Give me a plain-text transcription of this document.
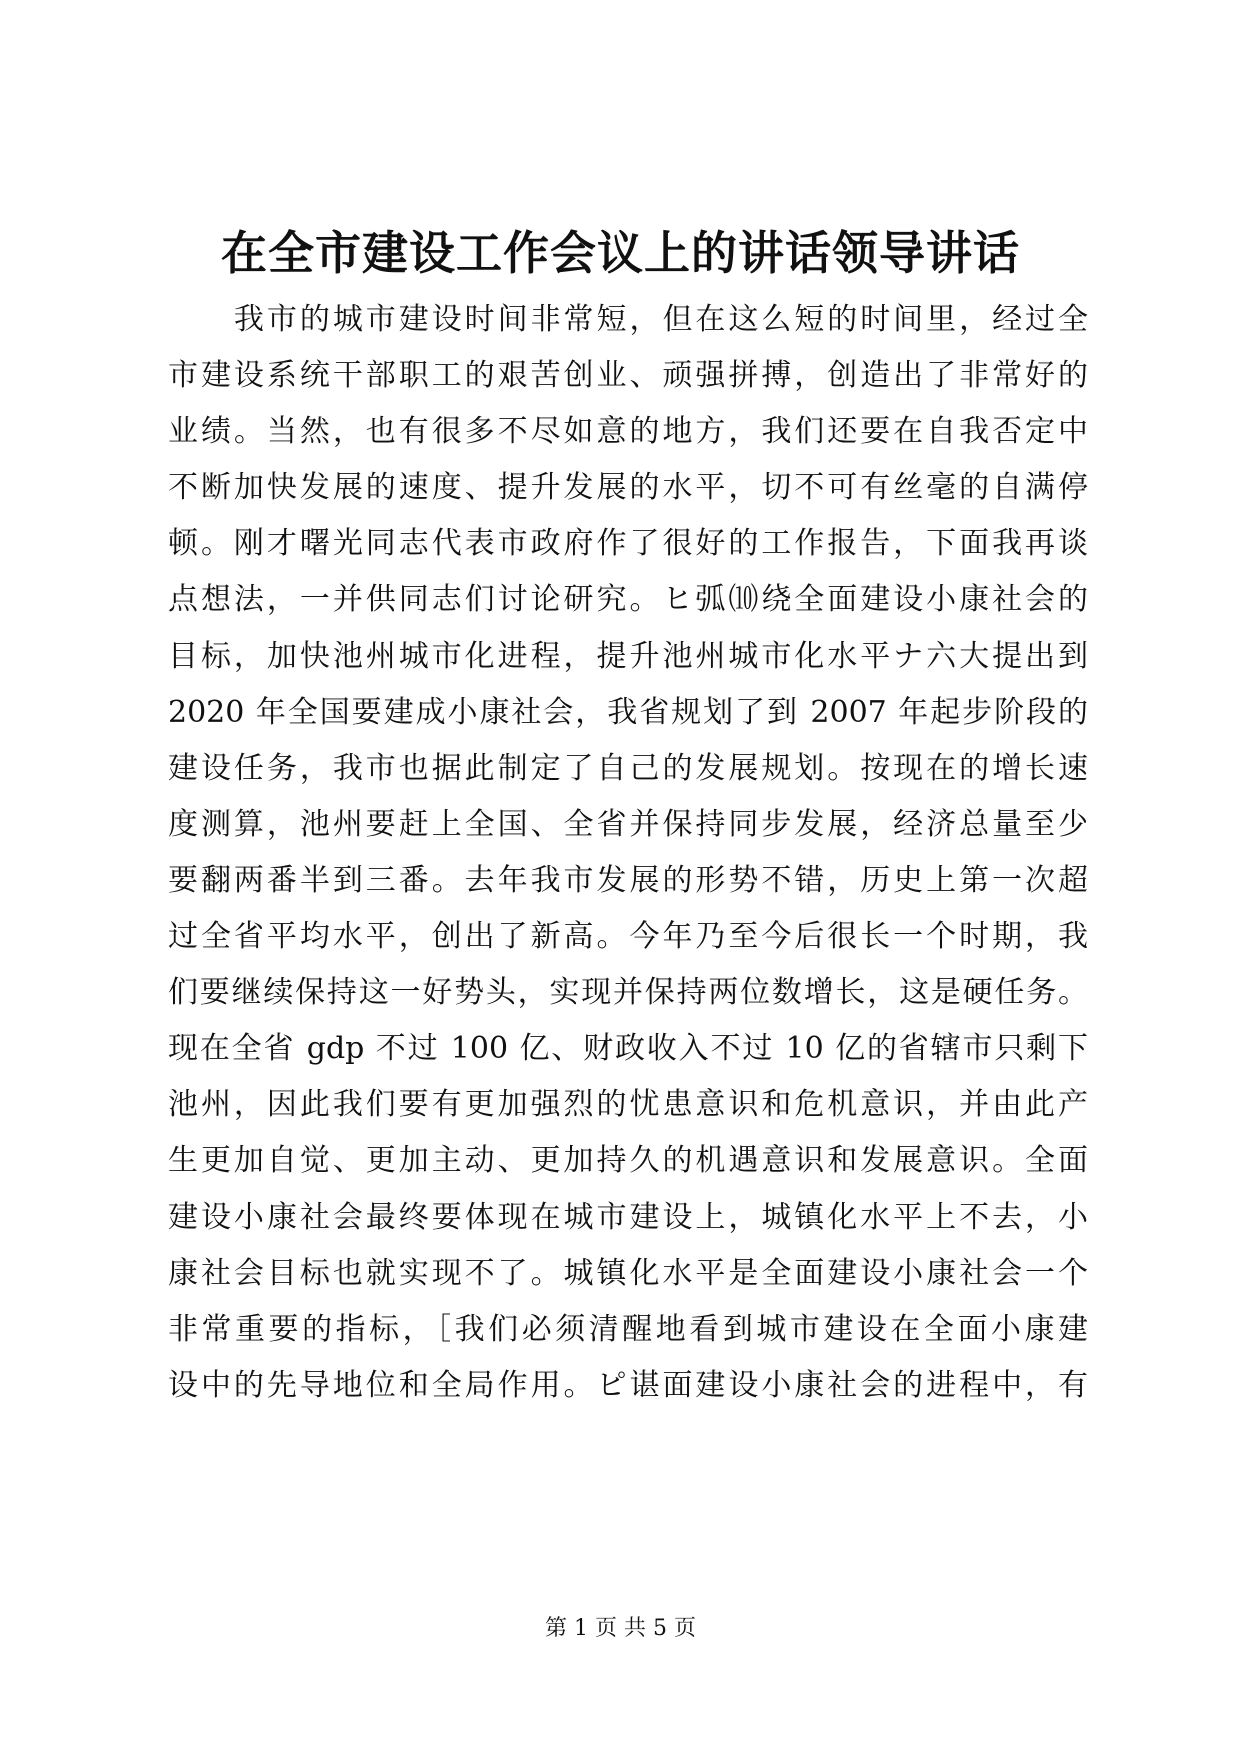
在全市建设工作会议上的讲话领导讲话
　　我市的城市建设时间非常短，但在这么短的时间里，经过全
市建设系统干部职工的艰苦创业、顽强拼搏，创造出了非常好的
业绩。当然，也有很多不尽如意的地方，我们还要在自我否定中
不断加快发展的速度、提升发展的水平，切不可有丝毫的自满停
顿。刚才曙光同志代表市政府作了很好的工作报告，下面我再谈
点想法，一并供同志们讨论研究。ヒ弧⑽绕全面建设小康社会的
目标，加快池州城市化进程，提升池州城市化水平ナ六大提出到
2020 年全国要建成小康社会，我省规划了到 2007 年起步阶段的
建设任务，我市也据此制定了自己的发展规划。按现在的增长速
度测算，池州要赶上全国、全省并保持同步发展，经济总量至少
要翻两番半到三番。去年我市发展的形势不错，历史上第一次超
过全省平均水平，创出了新高。今年乃至今后很长一个时期，我
们要继续保持这一好势头，实现并保持两位数增长，这是硬任务。
现在全省 gdp 不过 100 亿、财政收入不过 10 亿的省辖市只剩下
池州，因此我们要有更加强烈的忧患意识和危机意识，并由此产
生更加自觉、更加主动、更加持久的机遇意识和发展意识。全面
建设小康社会最终要体现在城市建设上，城镇化水平上不去，小
康社会目标也就实现不了。城镇化水平是全面建设小康社会一个
非常重要的指标，［我们必须清醒地看到城市建设在全面小康建
设中的先导地位和全局作用。ピ谌面建设小康社会的进程中，有
第 1 页 共 5 页
